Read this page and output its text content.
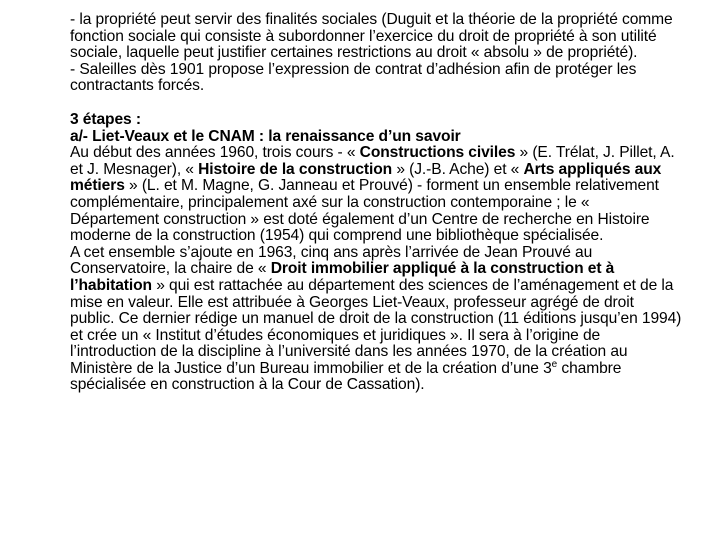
- la propriété peut servir des finalités sociales (Duguit et la théorie de la propriété comme fonction sociale qui consiste à subordonner l’exercice du droit de propriété à son utilité sociale, laquelle peut justifier certaines restrictions au droit « absolu » de propriété).

- Saleilles dès 1901 propose l’expression de contrat d’adhésion afin de protéger les contractants forcés.

3 étapes :

a/- Liet-Veaux et le CNAM : la renaissance d’un savoir

Au début des années 1960, trois cours - « Constructions civiles » (E. Trélat, J. Pillet, A. et J. Mesnager), « Histoire de la construction » (J.-B. Ache) et « Arts appliqués aux métiers » (L. et M. Magne, G. Janneau et Prouvé) - forment un ensemble relativement complémentaire, principalement axé sur la construction contemporaine ; le « Département construction » est doté également d’un Centre de recherche en Histoire moderne de la construction (1954) qui comprend une bibliothèque spécialisée.

A cet ensemble s’ajoute en 1963, cinq ans après l’arrivée de Jean Prouvé au Conservatoire, la chaire de « Droit immobilier appliqué à la construction et à l’habitation » qui est rattachée au département des sciences de l’aménagement et de la mise en valeur. Elle est attribuée à Georges Liet-Veaux, professeur agrégé de droit public. Ce dernier rédige un manuel de droit de la construction (11 éditions jusqu’en 1994) et crée un « Institut d’études économiques et juridiques ». Il sera à l’origine de l’introduction de la discipline à l’université dans les années 1970, de la création au Ministère de la Justice d’un Bureau immobilier et de la création d’une 3e chambre spécialisée en construction à la Cour de Cassation).
